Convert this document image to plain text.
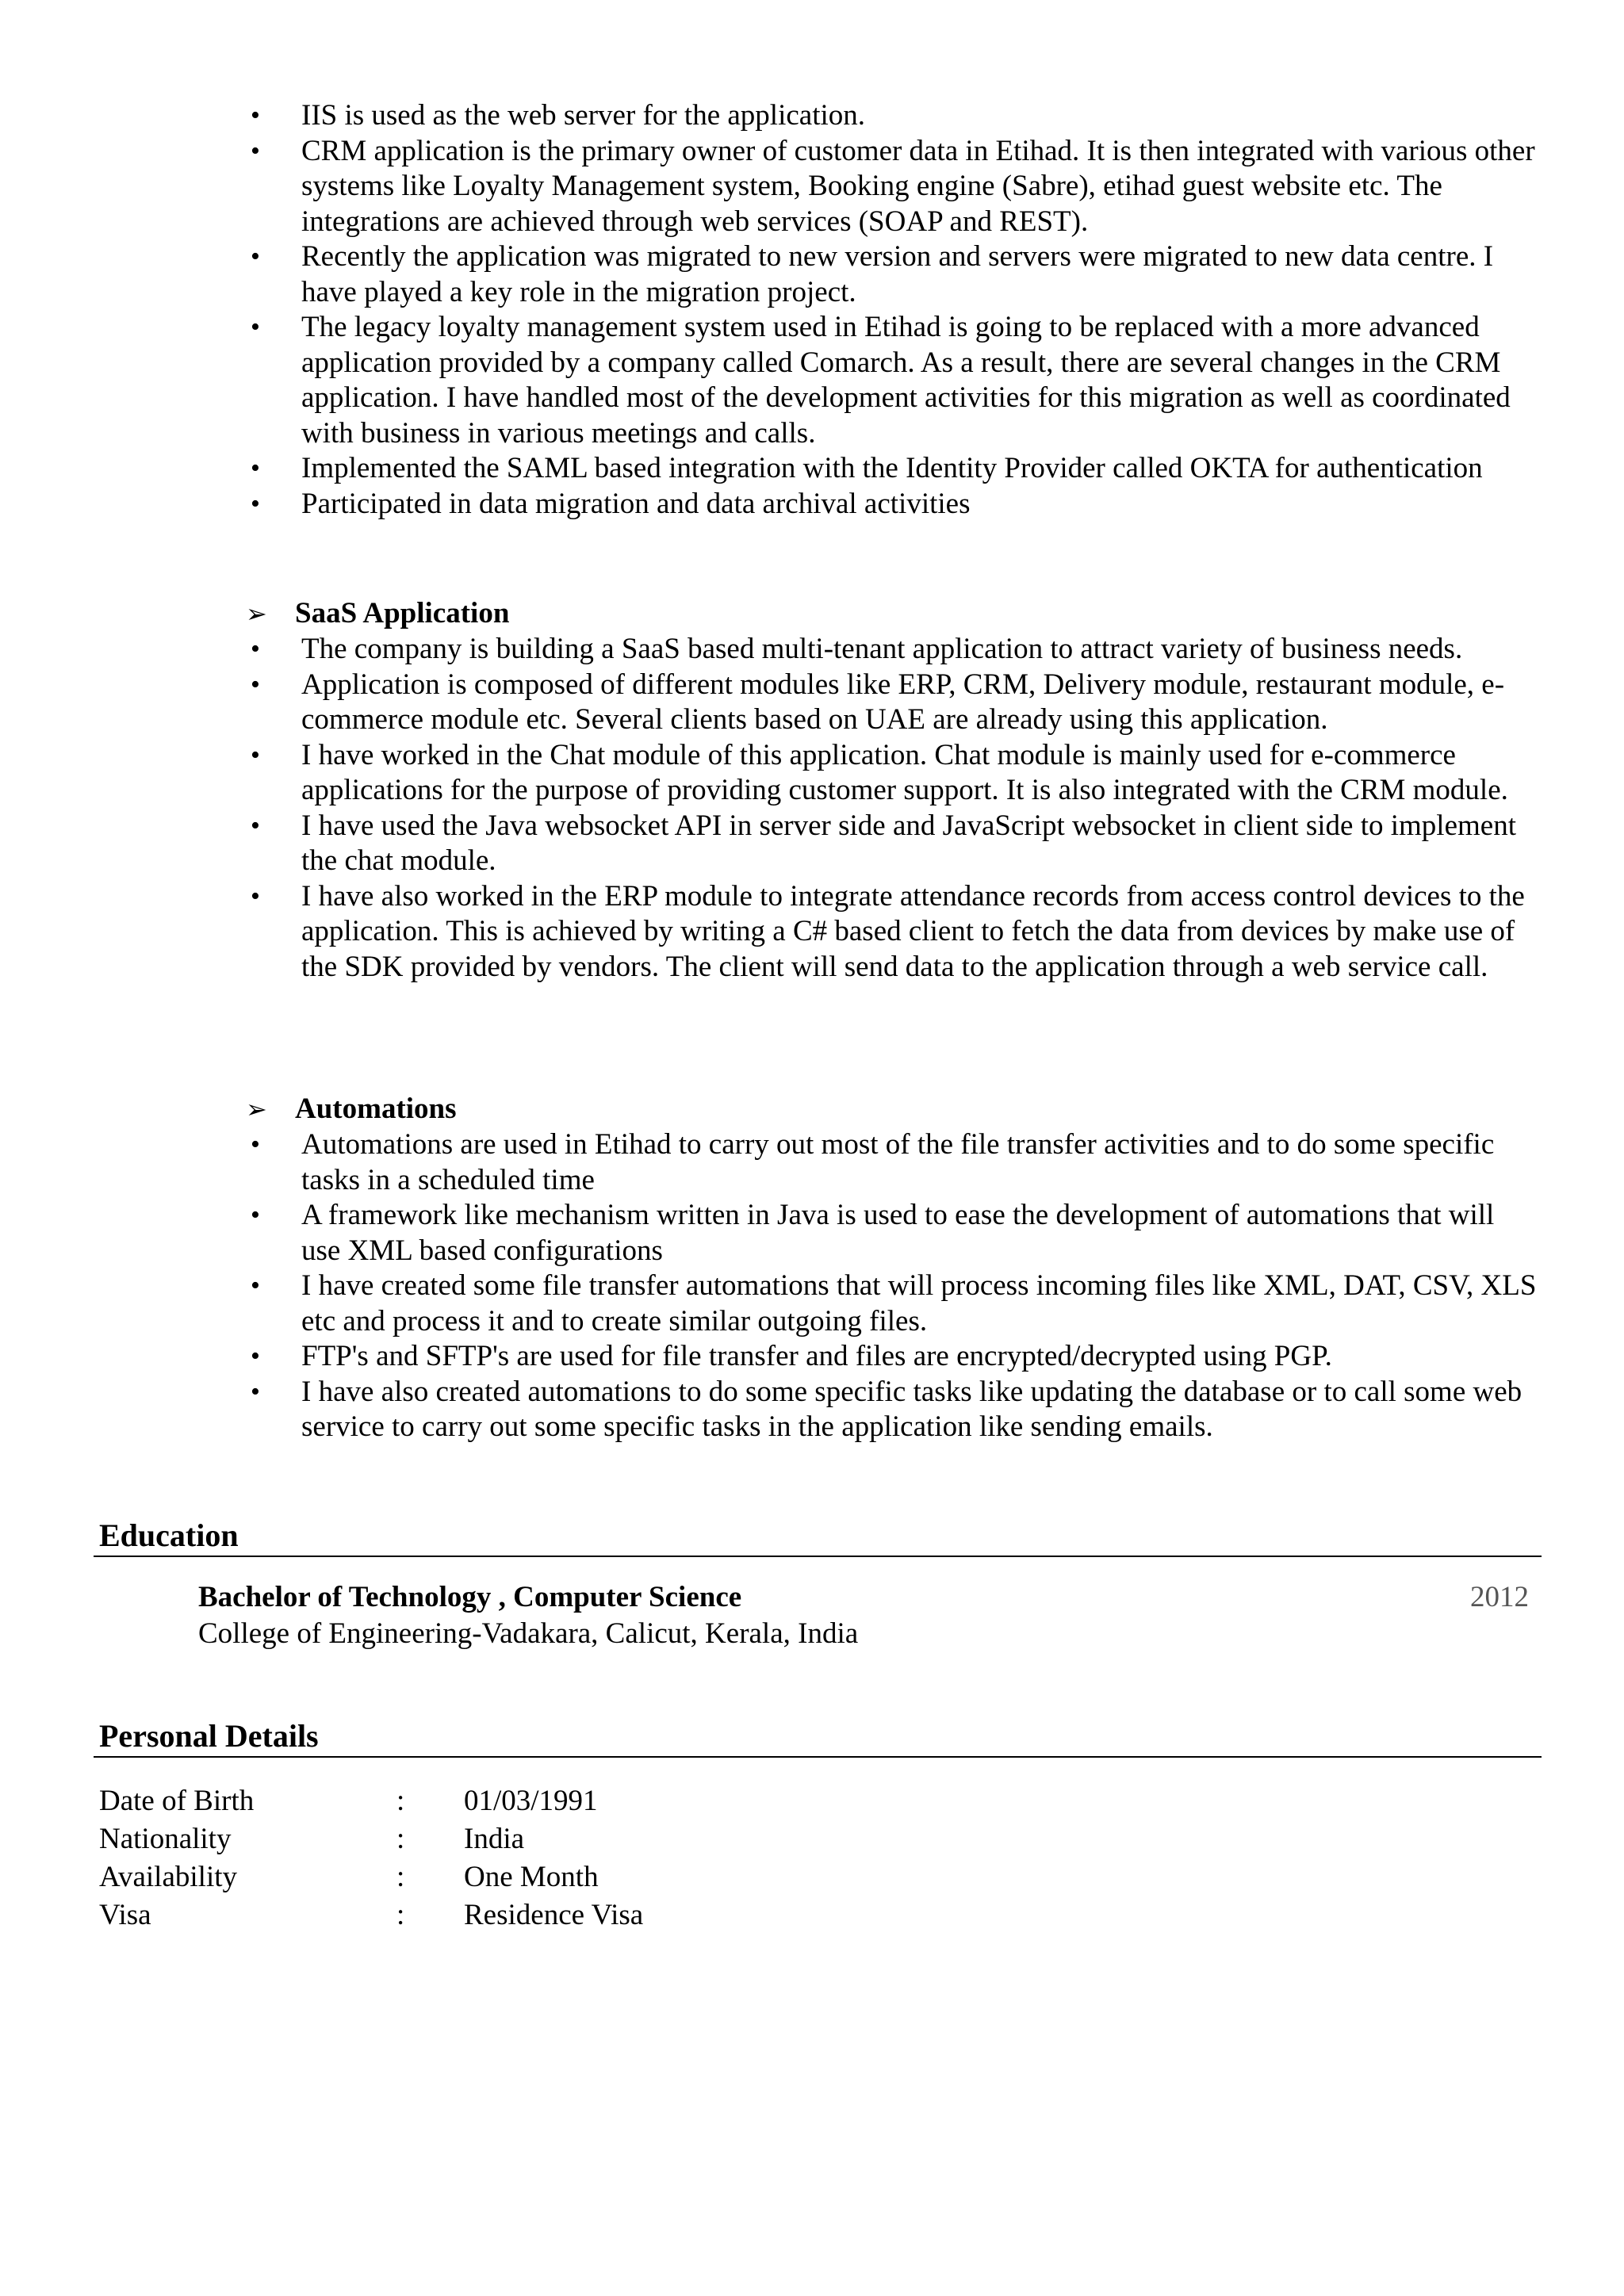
• IIS is used as the web server for the application.
• CRM application is the primary owner of customer data in Etihad. It is then integrated with various other systems like Loyalty Management system, Booking engine (Sabre), etihad guest website etc. The integrations are achieved through web services (SOAP and REST).
• Recently the application was migrated to new version and servers were migrated to new data centre. I have played a key role in the migration project.
• The legacy loyalty management system used in Etihad is going to be replaced with a more advanced application provided by a company called Comarch. As a result, there are several changes in the CRM application. I have handled most of the development activities for this migration as well as coordinated with business in various meetings and calls.
• Implemented the SAML based integration with the Identity Provider called OKTA for authentication
• Participated in data migration and data archival activities
➢ SaaS Application
• The company is building a SaaS based multi-tenant application to attract variety of business needs.
• Application is composed of different modules like ERP, CRM, Delivery module, restaurant module, e-commerce module etc. Several clients based on UAE are already using this application.
• I have worked in the Chat module of this application. Chat module is mainly used for e-commerce applications for the purpose of providing customer support. It is also integrated with the CRM module.
• I have used the Java websocket API in server side and JavaScript websocket in client side to implement the chat module.
• I have also worked in the ERP module to integrate attendance records from access control devices to the application. This is achieved by writing a C# based client to fetch the data from devices by make use of the SDK provided by vendors. The client will send data to the application through a web service call.
➢ Automations
• Automations are used in Etihad to carry out most of the file transfer activities and to do some specific tasks in a scheduled time
• A framework like mechanism written in Java is used to ease the development of automations that will use XML based configurations
• I have created some file transfer automations that will process incoming files like XML, DAT, CSV, XLS etc and process it and to create similar outgoing files.
• FTP's and SFTP's are used for file transfer and files are encrypted/decrypted using PGP.
• I have also created automations to do some specific tasks like updating the database or to call some web service to carry out some specific tasks in the application like sending emails.
Education
Bachelor of Technology , Computer Science	2012
College of Engineering-Vadakara, Calicut, Kerala, India
Personal Details
Date of Birth	: 01/03/1991
Nationality	: India
Availability	: One Month
Visa	: Residence Visa
